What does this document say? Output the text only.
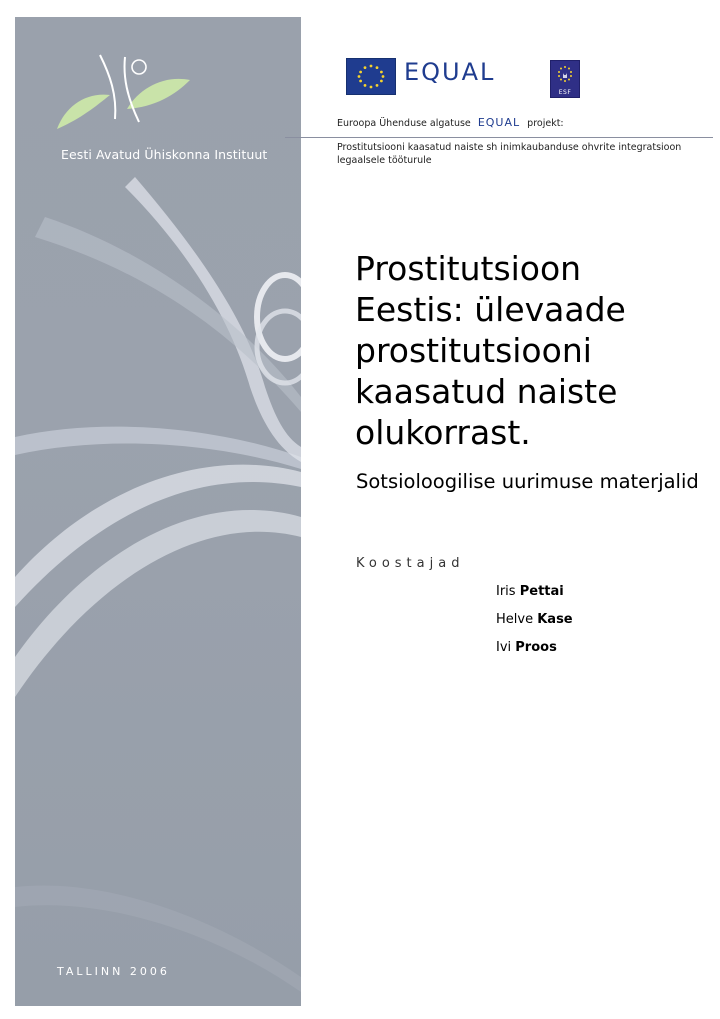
Eesti Avatud Ühiskonna Instituut
TALLINN 2006
EQUAL
ESF
Euroopa Ühenduse algatuse EQUAL projekt:
Prostitutsiooni kaasatud naiste sh inimkaubanduse ohvrite integratsioon legaalsele tööturule
Prostitutsioon Eestis: ülevaade prostitutsiooni kaasatud naiste olukorrast.
Sotsioloogilise uurimuse materjalid
Koostajad
Iris Pettai
Helve Kase
Ivi Proos
